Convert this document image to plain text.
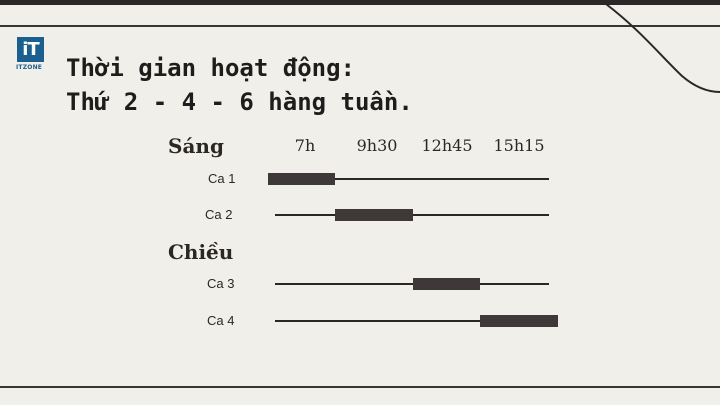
iT
ITZONE Thời gian hoạt động:
Thứ 2 - 4 - 6 hàng tuần.
Sáng
Chiều
7h	9h30 12h45 15h15
Ca 1
Ca 2
Ca 3
Ca 4
